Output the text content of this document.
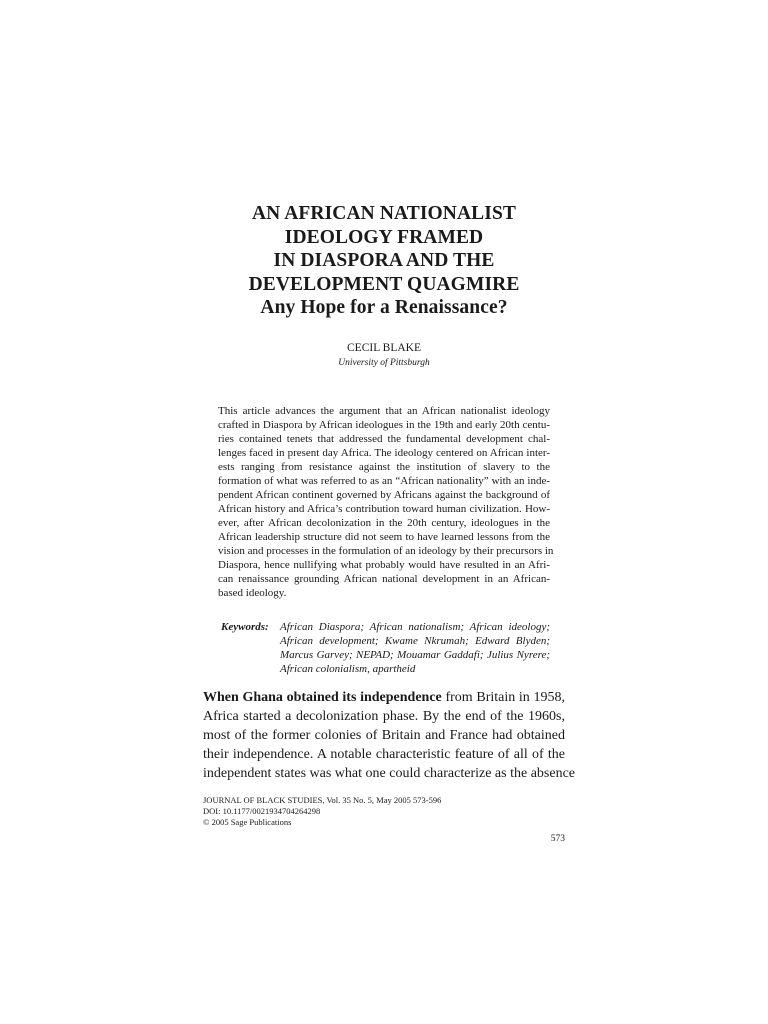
AN AFRICAN NATIONALIST
IDEOLOGY FRAMED
IN DIASPORA AND THE
DEVELOPMENT QUAGMIRE
Any Hope for a Renaissance?
CECIL BLAKE
University of Pittsburgh
This article advances the argument that an African nationalist ideology
crafted in Diaspora by African ideologues in the 19th and early 20th centu-
ries contained tenets that addressed the fundamental development chal-
lenges faced in present day Africa. The ideology centered on African inter-
ests ranging from resistance against the institution of slavery to the
formation of what was referred to as an “African nationality” with an inde-
pendent African continent governed by Africans against the background of
African history and Africa’s contribution toward human civilization. How-
ever, after African decolonization in the 20th century, ideologues in the
African leadership structure did not seem to have learned lessons from the
vision and processes in the formulation of an ideology by their precursors in
Diaspora, hence nullifying what probably would have resulted in an Afri-
can renaissance grounding African national development in an African-
based ideology.
Keywords: African Diaspora; African nationalism; African ideology;
African development; Kwame Nkrumah; Edward Blyden;
Marcus Garvey; NEPAD; Mouamar Gaddafi; Julius Nyrere;
African colonialism, apartheid
When Ghana obtained its independence from Britain in 1958,
Africa started a decolonization phase. By the end of the 1960s,
most of the former colonies of Britain and France had obtained
their independence. A notable characteristic feature of all of the
independent states was what one could characterize as the absence
JOURNAL OF BLACK STUDIES, Vol. 35 No. 5, May 2005 573-596
DOI: 10.1177/0021934704264298
© 2005 Sage Publications
573
